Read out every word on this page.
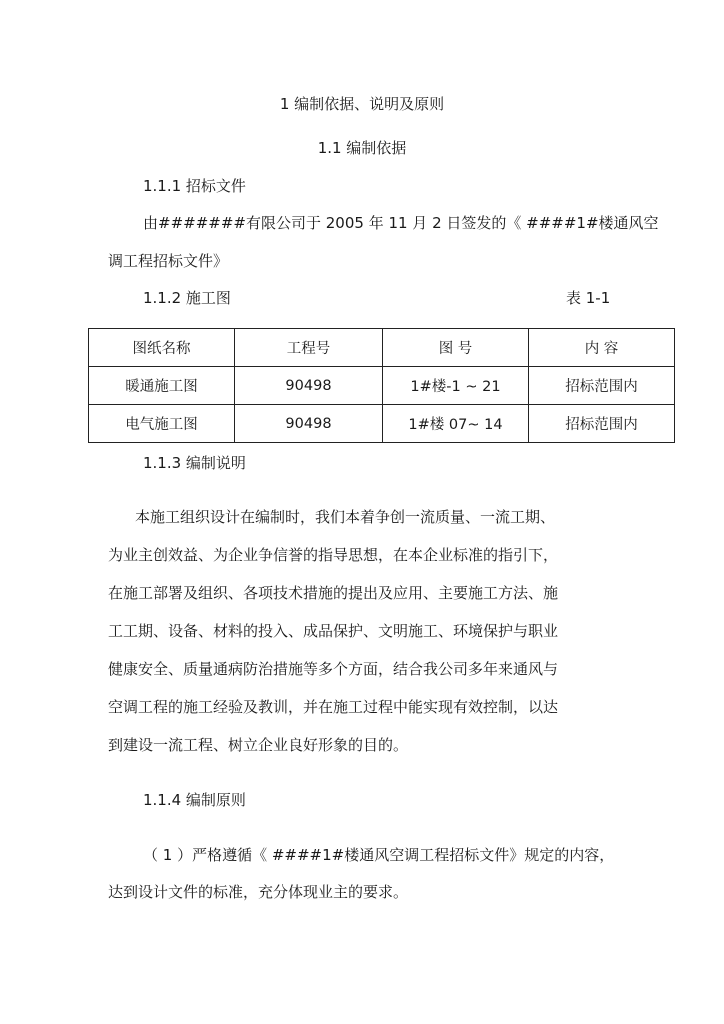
1 编制依据、说明及原则
1.1 编制依据
1.1.1 招标文件
由#######有限公司于 2005 年 11 月 2 日签发的《 ####1#楼通风空
调工程招标文件》
1.1.2 施工图	表 1-1
图纸名称	工程号	图 号	内 容
暖通施工图	90498	1#楼-1 ~ 21	招标范围内
电气施工图	90498	1#楼 07~ 14	招标范围内
1.1.3 编制说明
本施工组织设计在编制时，我们本着争创一流质量、一流工期、
为业主创效益、为企业争信誉的指导思想，在本企业标准的指引下，
在施工部署及组织、各项技术措施的提出及应用、主要施工方法、施
工工期、设备、材料的投入、成品保护、文明施工、环境保护与职业
健康安全、质量通病防治措施等多个方面，结合我公司多年来通风与
空调工程的施工经验及教训，并在施工过程中能实现有效控制，以达
到建设一流工程、树立企业良好形象的目的。
1.1.4 编制原则
（ 1 ）严格遵循《 ####1#楼通风空调工程招标文件》规定的内容，
达到设计文件的标准，充分体现业主的要求。
